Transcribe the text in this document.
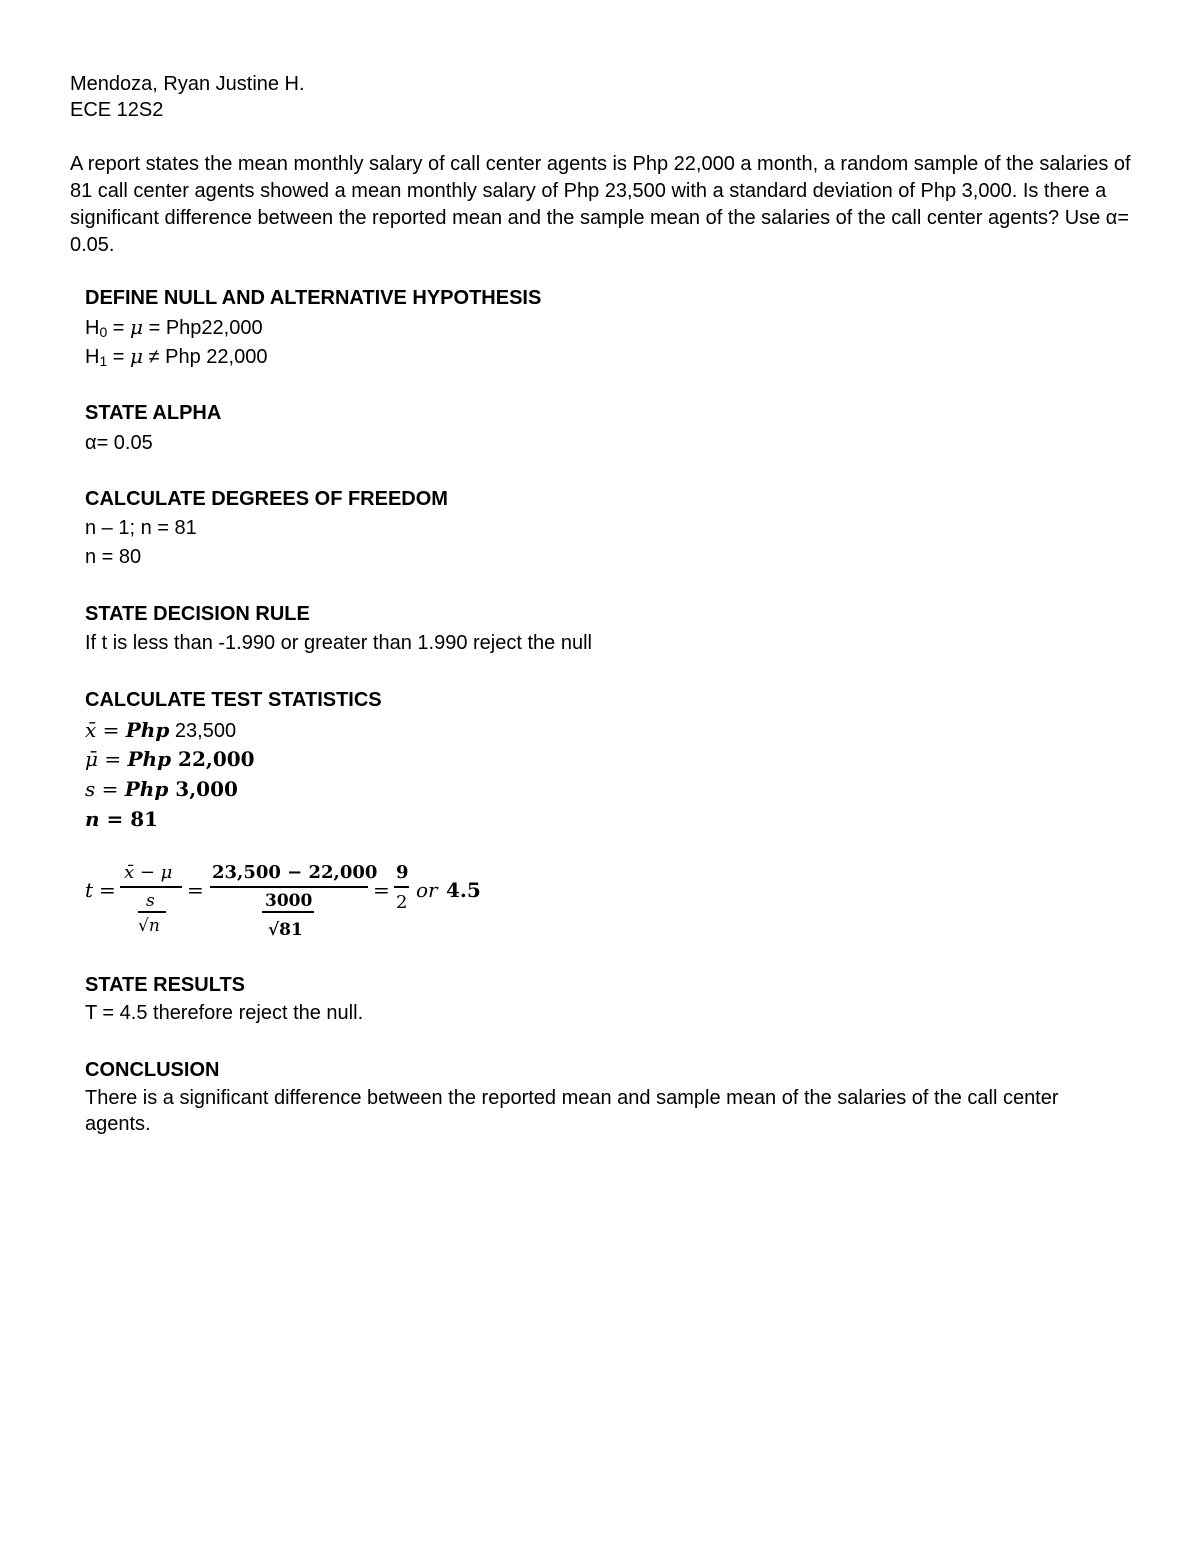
Mendoza, Ryan Justine H.
ECE 12S2
A report states the mean monthly salary of call center agents is Php 22,000 a month, a random sample of the salaries of 81 call center agents showed a mean monthly salary of Php 23,500 with a standard deviation of Php 3,000. Is there a significant difference between the reported mean and the sample mean of the salaries of the call center agents? Use α= 0.05.
DEFINE NULL AND ALTERNATIVE HYPOTHESIS
$H_0 = \mu = Php22,000$
$H_1 = \mu$ ≠ Php 22,000
STATE ALPHA
α= 0.05
CALCULATE DEGREES OF FREEDOM
n – 1; n = 81
n = 80
STATE DECISION RULE
If t is less than -1.990 or greater than 1.990 reject the null
CALCULATE TEST STATISTICS
x̄ = Php 23,500
μ̄ = Php 22,000
s = Php 3,000
n = 81
t =
x̄ − μ
s
√n
=
23,500 − 22,000
3000
√81
=
9
2
or 4.5
STATE RESULTS
T = 4.5 therefore reject the null.
CONCLUSION
There is a significant difference between the reported mean and sample mean of the salaries of the call center agents.
